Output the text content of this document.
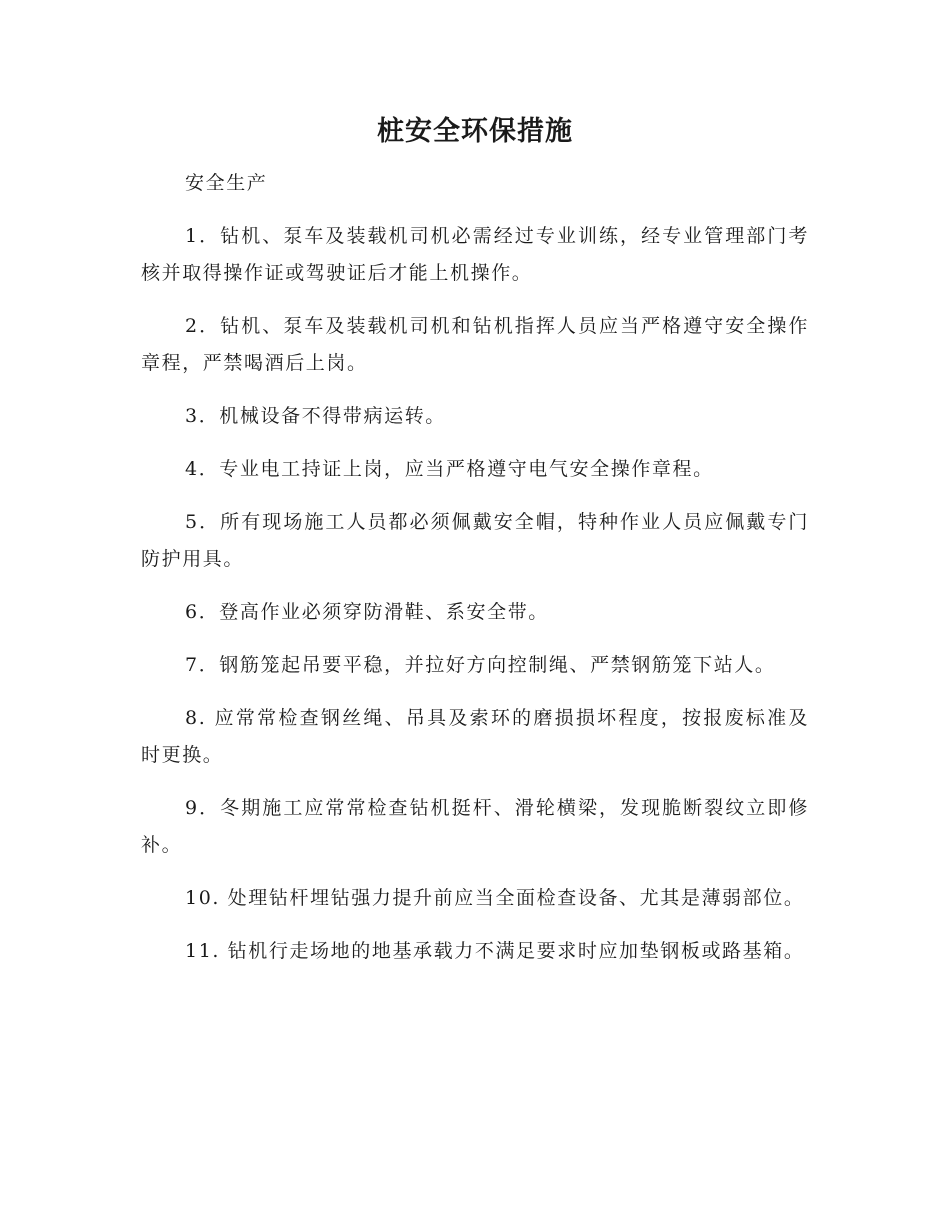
桩安全环保措施

安全生产

1．钻机、泵车及装载机司机必需经过专业训练，经专业管理部门考核并取得操作证或驾驶证后才能上机操作。

2．钻机、泵车及装载机司机和钻机指挥人员应当严格遵守安全操作章程，严禁喝酒后上岗。

3．机械设备不得带病运转。

4．专业电工持证上岗，应当严格遵守电气安全操作章程。

5．所有现场施工人员都必须佩戴安全帽，特种作业人员应佩戴专门防护用具。

6．登高作业必须穿防滑鞋、系安全带。

7．钢筋笼起吊要平稳，并拉好方向控制绳、严禁钢筋笼下站人。

8. 应常常检查钢丝绳、吊具及索环的磨损损坏程度，按报废标准及时更换。

9．冬期施工应常常检查钻机挺杆、滑轮横梁，发现脆断裂纹立即修补。

10. 处理钻杆埋钻强力提升前应当全面检查设备、尤其是薄弱部位。

11. 钻机行走场地的地基承载力不满足要求时应加垫钢板或路基箱。
